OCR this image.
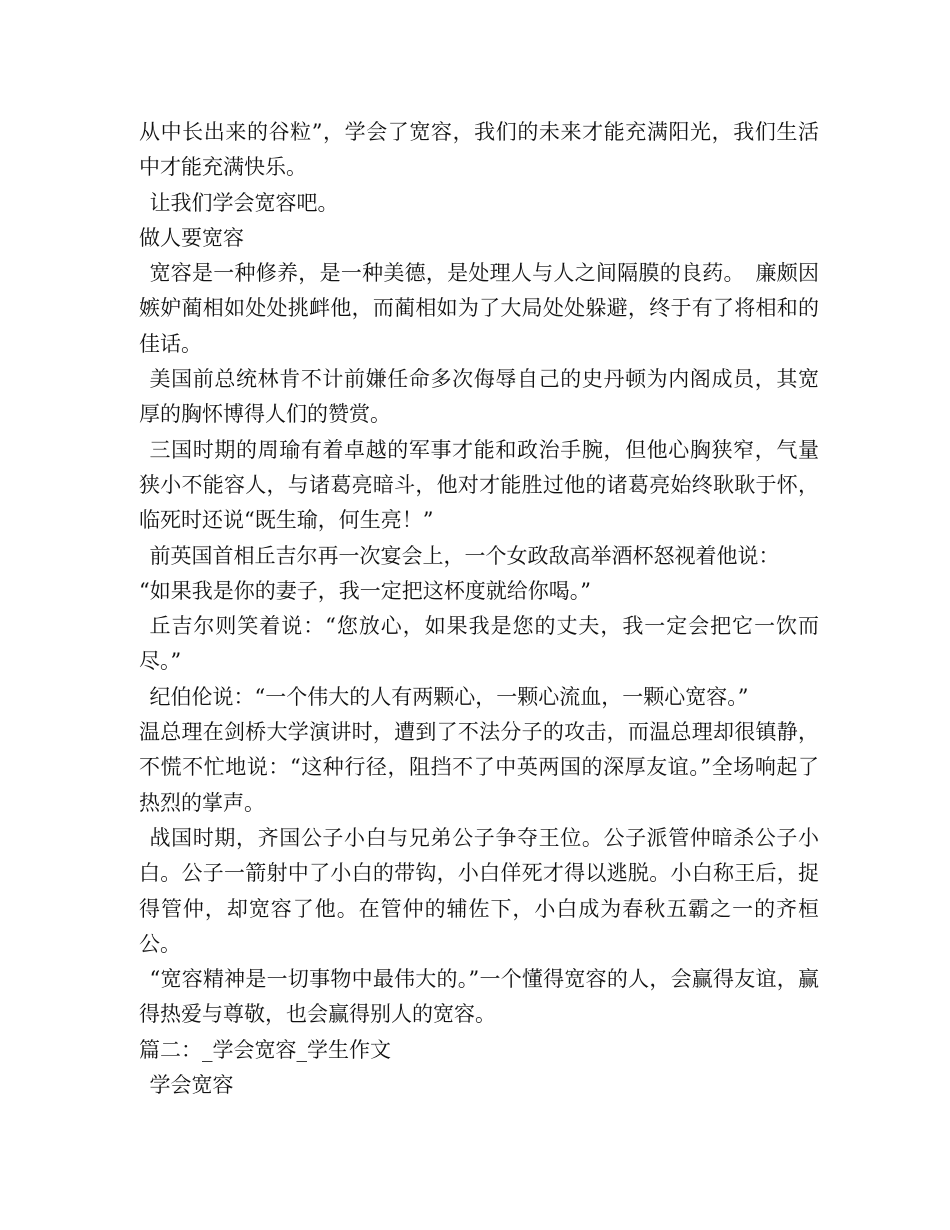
从中长出来的谷粒”，学会了宽容，我们的未来才能充满阳光，我们生活中才能充满快乐。

让我们学会宽容吧。

做人要宽容

宽容是一种修养，是一种美德，是处理人与人之间隔膜的良药。　廉颇因嫉妒蔺相如处处挑衅他，而蔺相如为了大局处处躲避，终于有了将相和的佳话。

美国前总统林肯不计前嫌任命多次侮辱自己的史丹顿为内阁成员，其宽厚的胸怀博得人们的赞赏。

三国时期的周瑜有着卓越的军事才能和政治手腕，但他心胸狭窄，气量狭小不能容人，与诸葛亮暗斗，他对才能胜过他的诸葛亮始终耿耿于怀，临死时还说“既生瑜，何生亮！”

前英国首相丘吉尔再一次宴会上，一个女政敌高举酒杯怒视着他说：

“如果我是你的妻子，我一定把这杯度就给你喝。”

丘吉尔则笑着说：“您放心，如果我是您的丈夫，我一定会把它一饮而尽。”

纪伯伦说：“一个伟大的人有两颗心，一颗心流血，一颗心宽容。”

温总理在剑桥大学演讲时，遭到了不法分子的攻击，而温总理却很镇静，不慌不忙地说：“这种行径，阻挡不了中英两国的深厚友谊。”全场响起了热烈的掌声。

战国时期，齐国公子小白与兄弟公子争夺王位。公子派管仲暗杀公子小白。公子一箭射中了小白的带钩，小白佯死才得以逃脱。小白称王后，捉得管仲，却宽容了他。在管仲的辅佐下，小白成为春秋五霸之一的齐桓公。

“宽容精神是一切事物中最伟大的。”一个懂得宽容的人，会赢得友谊，赢得热爱与尊敬，也会赢得别人的宽容。

篇二：_学会宽容_学生作文

学会宽容
